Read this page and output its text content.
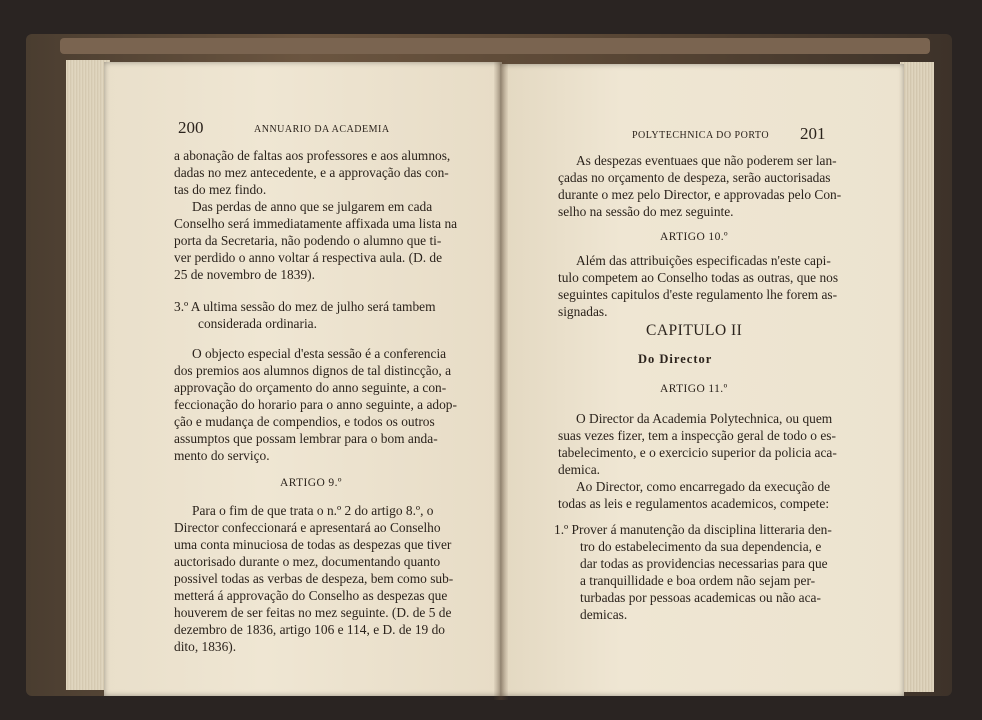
200	ANNUARIO DA ACADEMIA
a abonação de faltas aos professores e aos alumnos,
dadas no mez antecedente, e a approvação das con-
tas do mez findo.
Das perdas de anno que se julgarem em cada
Conselho será immediatamente affixada uma lista na
porta da Secretaria, não podendo o alumno que ti-
ver perdido o anno voltar á respectiva aula. (D. de
25 de novembro de 1839).
3.º A ultima sessão do mez de julho será tambem
considerada ordinaria.
O objecto especial d'esta sessão é a conferencia
dos premios aos alumnos dignos de tal distincção, a
approvação do orçamento do anno seguinte, a con-
feccionação do horario para o anno seguinte, a adop-
ção e mudança de compendios, e todos os outros
assumptos que possam lembrar para o bom anda-
mento do serviço.
ARTIGO 9.º
Para o fim de que trata o n.º 2 do artigo 8.º, o
Director confeccionará e apresentará ao Conselho
uma conta minuciosa de todas as despezas que tiver
auctorisado durante o mez, documentando quanto
possivel todas as verbas de despeza, bem como sub-
metterá á approvação do Conselho as despezas que
houverem de ser feitas no mez seguinte. (D. de 5 de
dezembro de 1836, artigo 106 e 114, e D. de 19 do
dito, 1836).
POLYTECHNICA DO PORTO 201
As despezas eventuaes que não poderem ser lan-
çadas no orçamento de despeza, serão auctorisadas
durante o mez pelo Director, e approvadas pelo Con-
selho na sessão do mez seguinte.
ARTIGO 10.º
Além das attribuições especificadas n'este capi-
tulo competem ao Conselho todas as outras, que nos
seguintes capitulos d'este regulamento lhe forem as-
signadas.
CAPITULO II
Do Director
ARTIGO 11.º
O Director da Academia Polytechnica, ou quem
suas vezes fizer, tem a inspecção geral de todo o es-
tabelecimento, e o exercicio superior da policia aca-
demica.
Ao Director, como encarregado da execução de
todas as leis e regulamentos academicos, compete:
1.º Prover á manutenção da disciplina litteraria den-
tro do estabelecimento da sua dependencia, e
dar todas as providencias necessarias para que
a tranquillidade e boa ordem não sejam per-
turbadas por pessoas academicas ou não aca-
demicas.
